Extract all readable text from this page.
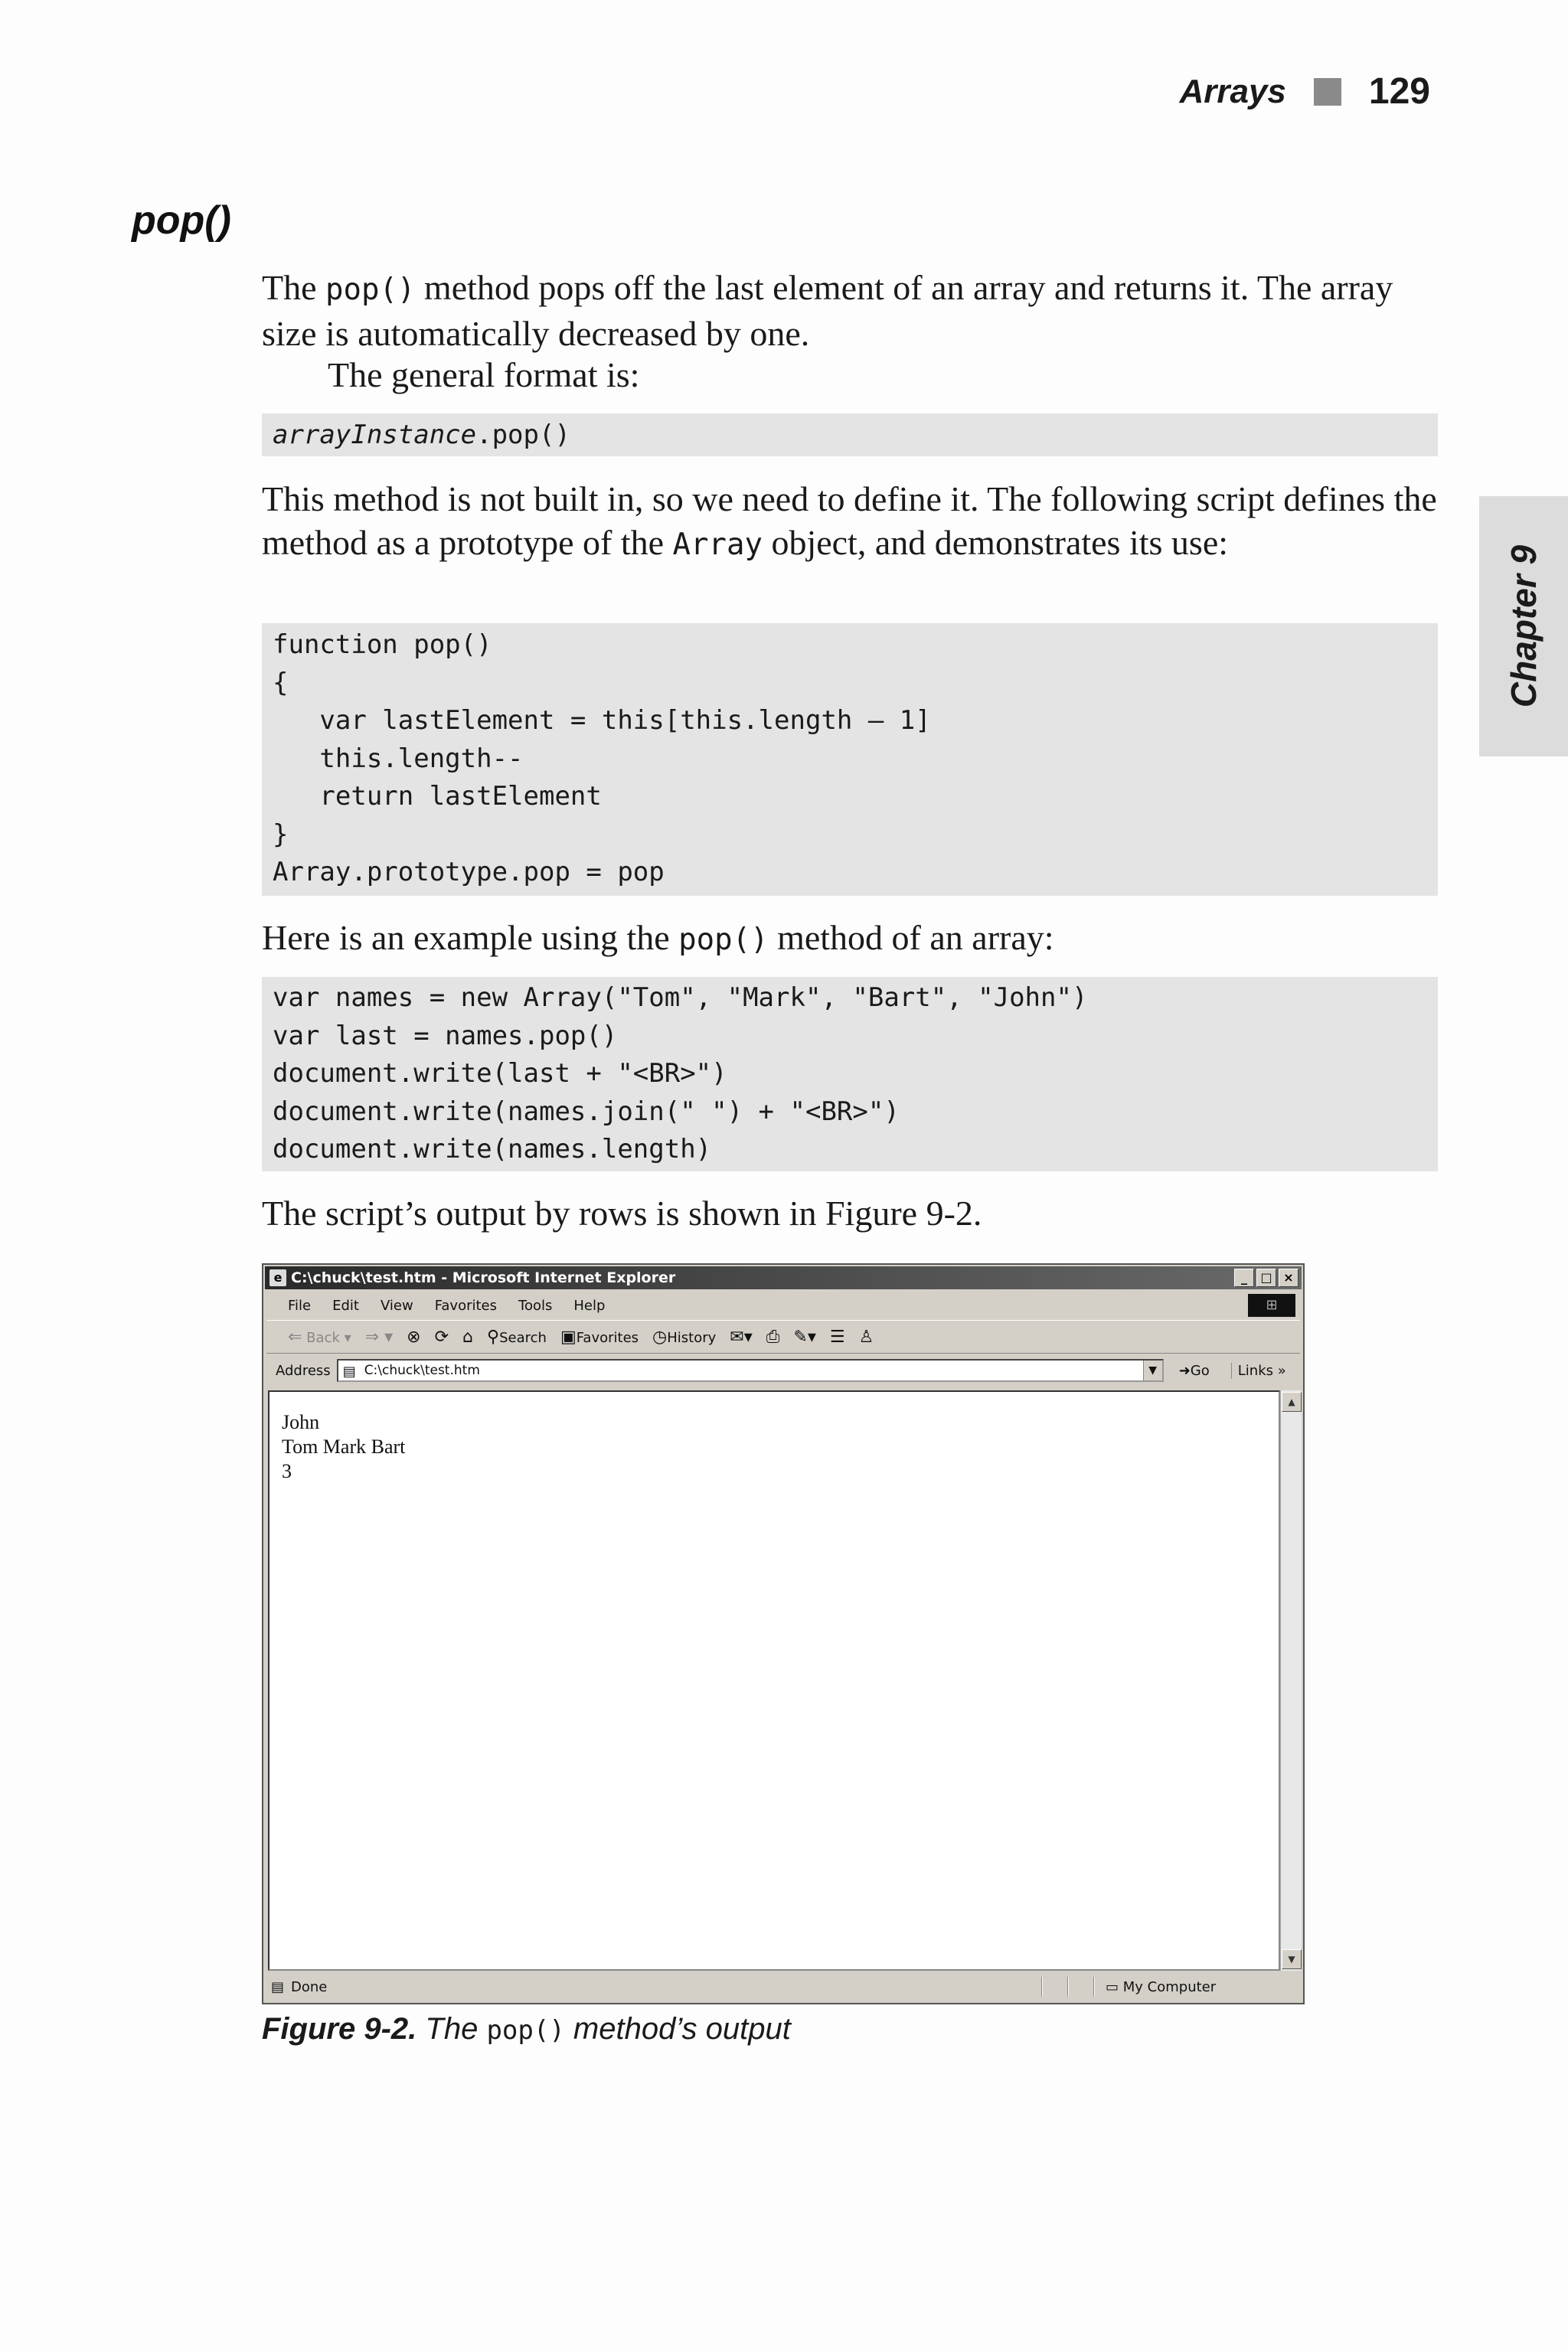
Arrays 129
Chapter 9
pop()

The pop() method pops off the last element of an array and returns it. The array size is automatically decreased by one.

The general format is:

arrayInstance.pop()

This method is not built in, so we need to define it. The following script defines the method as a prototype of the Array object, and demonstrates its use:

function pop()
{
var lastElement = this[this.length – 1]
this.length--
return lastElement
}
Array.prototype.pop = pop

Here is an example using the pop() method of an array:

var names = new Array("Tom", "Mark", "Bart", "John")
var last = names.pop()
document.write(last + "<BR>")
document.write(names.join(" ") + "<BR>")
document.write(names.length)

The script’s output by rows is shown in Figure 9-2.

e C:\chuck\test.htm - Microsoft Internet Explorer	_	□ ×
File Edit View Favorites Tools Help	⊞
⇐ Back ▾ ⇒ ▾ ⊗ ⟳ ⌂ ⚲Search ▣Favorites ◷History ✉▾ ⎙ ✎▾ ☰ ♙
Address ▤ C:\chuck\test.htm	▼	➜Go	Links »
John
Tom Mark Bart
3
▲
▼
▤ Done	▭ My Computer

Figure 9-2. The pop() method’s output
